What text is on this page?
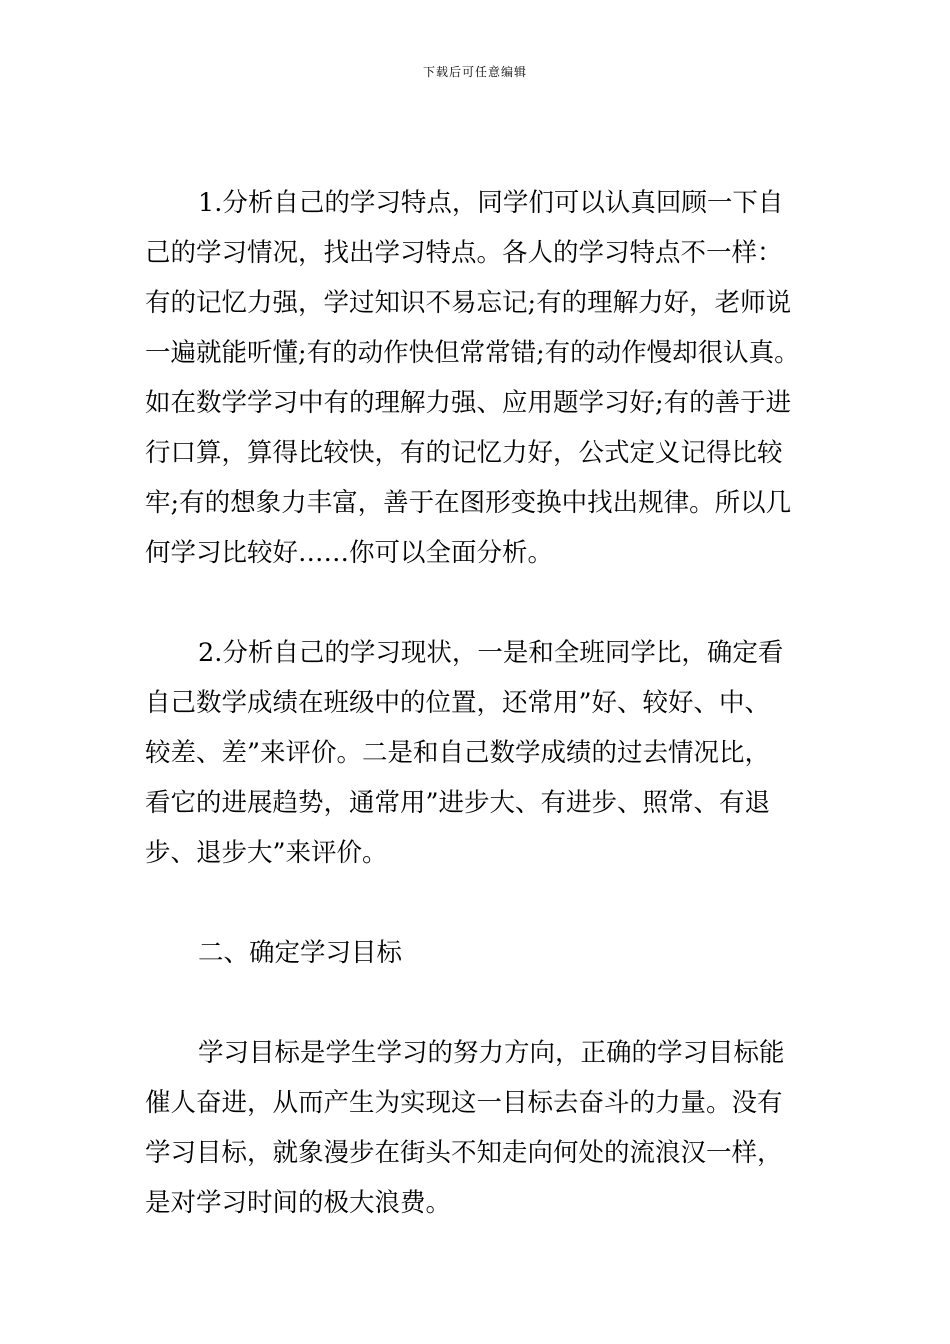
下载后可任意编辑
1.分析自己的学习特点，同学们可以认真回顾一下自
己的学习情况，找出学习特点。各人的学习特点不一样：
有的记忆力强，学过知识不易忘记;有的理解力好，老师说
一遍就能听懂;有的动作快但常常错;有的动作慢却很认真。
如在数学学习中有的理解力强、应用题学习好;有的善于进
行口算，算得比较快，有的记忆力好，公式定义记得比较
牢;有的想象力丰富，善于在图形变换中找出规律。所以几
何学习比较好……你可以全面分析。
2.分析自己的学习现状，一是和全班同学比，确定看
自己数学成绩在班级中的位置，还常用”好、较好、中、
较差、差”来评价。二是和自己数学成绩的过去情况比，
看它的进展趋势，通常用”进步大、有进步、照常、有退
步、退步大”来评价。
二、确定学习目标
学习目标是学生学习的努力方向，正确的学习目标能
催人奋进，从而产生为实现这一目标去奋斗的力量。没有
学习目标，就象漫步在街头不知走向何处的流浪汉一样，
是对学习时间的极大浪费。
